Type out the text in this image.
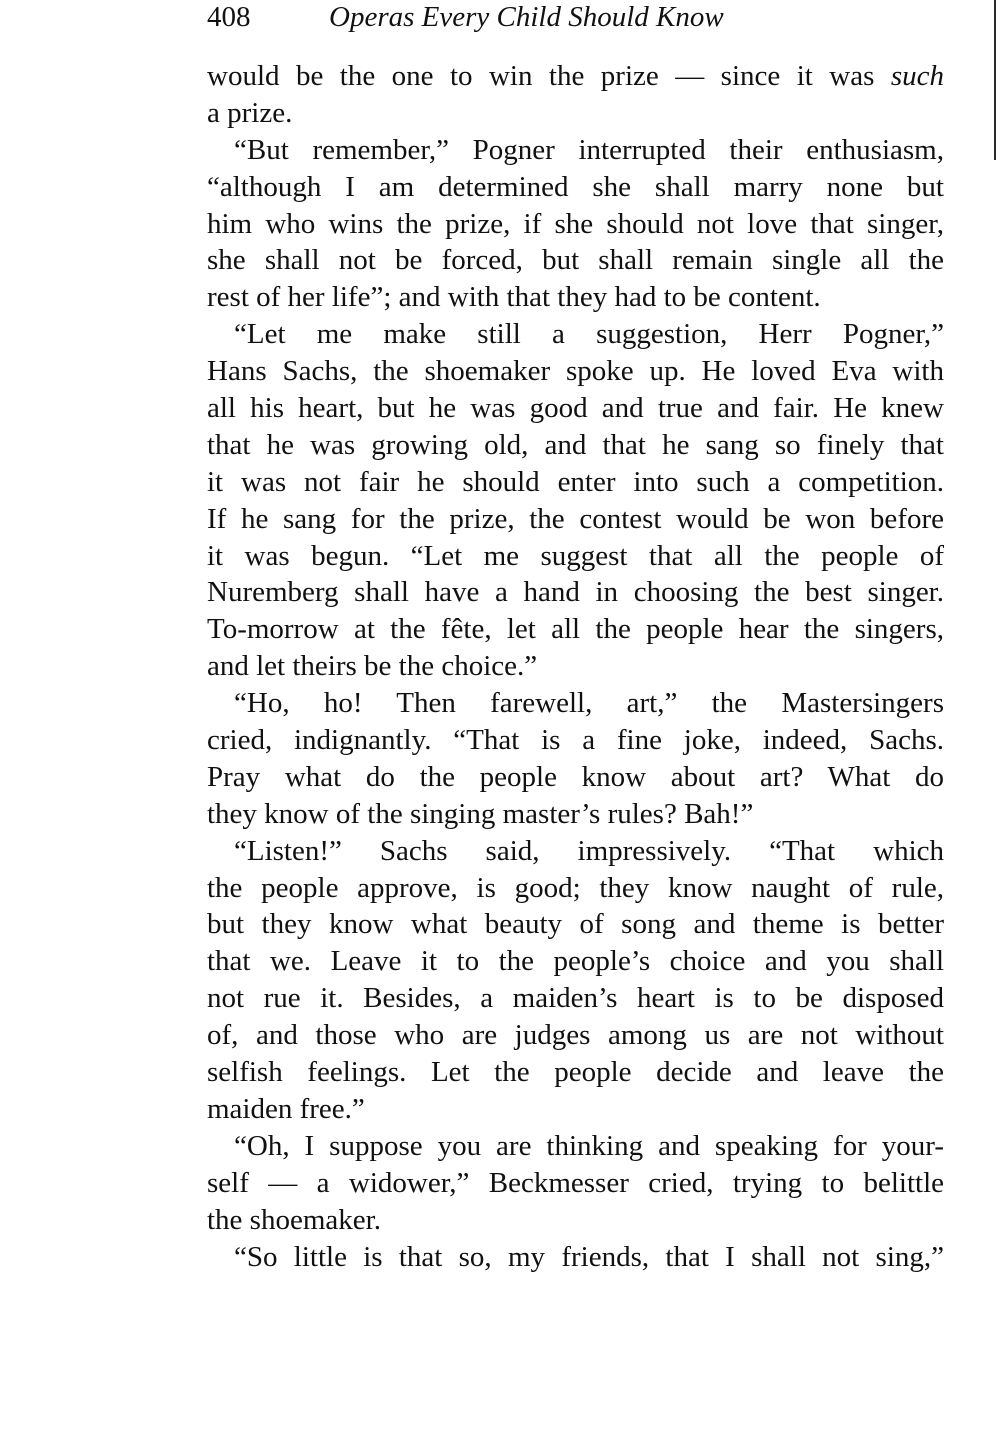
408	Operas Every Child Should Know
would be the one to win the prize — since it was such
a prize.
“But remember,” Pogner interrupted their enthusiasm,
“although I am determined she shall marry none but
him who wins the prize, if she should not love that singer,
she shall not be forced, but shall remain single all the
rest of her life”; and with that they had to be content.
“Let me make still a suggestion, Herr Pogner,”
Hans Sachs, the shoemaker spoke up. He loved Eva with
all his heart, but he was good and true and fair. He knew
that he was growing old, and that he sang so finely that
it was not fair he should enter into such a competition.
If he sang for the prize, the contest would be won before
it was begun. “Let me suggest that all the people of
Nuremberg shall have a hand in choosing the best singer.
To-morrow at the fête, let all the people hear the singers,
and let theirs be the choice.”
“Ho, ho! Then farewell, art,” the Mastersingers
cried, indignantly. “That is a fine joke, indeed, Sachs.
Pray what do the people know about art? What do
they know of the singing master’s rules? Bah!”
“Listen!” Sachs said, impressively. “That which
the people approve, is good; they know naught of rule,
but they know what beauty of song and theme is better
that we. Leave it to the people’s choice and you shall
not rue it. Besides, a maiden’s heart is to be disposed
of, and those who are judges among us are not without
selfish feelings. Let the people decide and leave the
maiden free.”
“Oh, I suppose you are thinking and speaking for your-
self — a widower,” Beckmesser cried, trying to belittle
the shoemaker.
“So little is that so, my friends, that I shall not sing,”
